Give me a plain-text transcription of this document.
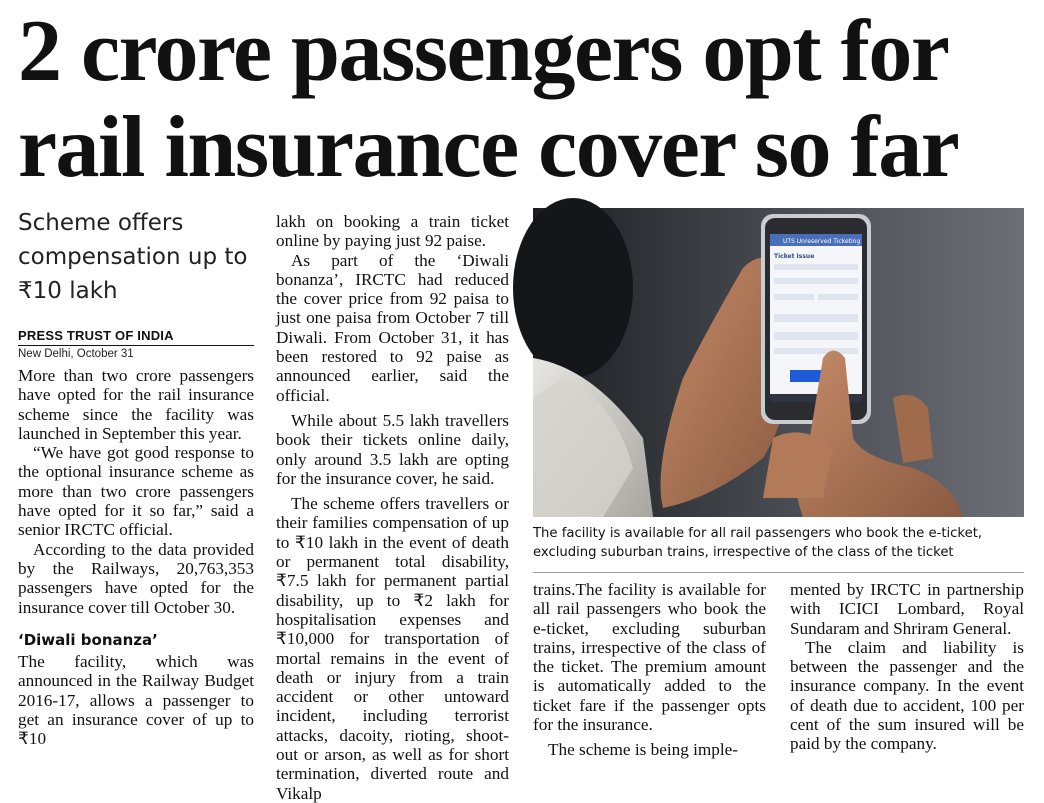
2 crore passengers opt for
rail insurance cover so far
Scheme offers compensation up to ₹10 lakh
PRESS TRUST OF INDIA
New Delhi, October 31

More than two crore passengers have opted for the rail insurance scheme since the facility was launched in September this year.

“We have got good response to the optional insurance scheme as more than two crore passengers have opted for it so far,” said a senior IRCTC official.

According to the data provided by the Railways, 20,763,353 passengers have opted for the insurance cover till October 30.

‘Diwali bonanza’

The facility, which was announced in the Railway Budget 2016-17, allows a passenger to get an insurance cover of up to ₹10

lakh on booking a train ticket online by paying just 92 paise.

As part of the ‘Diwali bonanza’, IRCTC had reduced the cover price from 92 paisa to just one paisa from October 7 till Diwali. From October 31, it has been restored to 92 paise as announced earlier, said the official.

While about 5.5 lakh travellers book their tickets online daily, only around 3.5 lakh are opting for the insurance cover, he said.

The scheme offers travellers or their families compensation of up to ₹10 lakh in the event of death or permanent total disability, ₹7.5 lakh for permanent partial disability, up to ₹2 lakh for hospitalisation expenses and ₹10,000 for transportation of mortal remains in the event of death or injury from a train accident or other untoward incident, including terrorist attacks, dacoity, rioting, shoot-out or arson, as well as for short termination, diverted route and Vikalp

UTS Unreserved Ticketing
Ticket Issue
The facility is available for all rail passengers who book the e-ticket, excluding suburban trains, irrespective of the class of the ticket

trains.The facility is available for all rail passengers who book the e-ticket, excluding suburban trains, irrespective of the class of the ticket. The premium amount is automatically added to the ticket fare if the passenger opts for the insurance.

The scheme is being imple-

mented by IRCTC in partnership with ICICI Lombard, Royal Sundaram and Shriram General.

The claim and liability is between the passenger and the insurance company. In the event of death due to accident, 100 per cent of the sum insured will be paid by the company.
